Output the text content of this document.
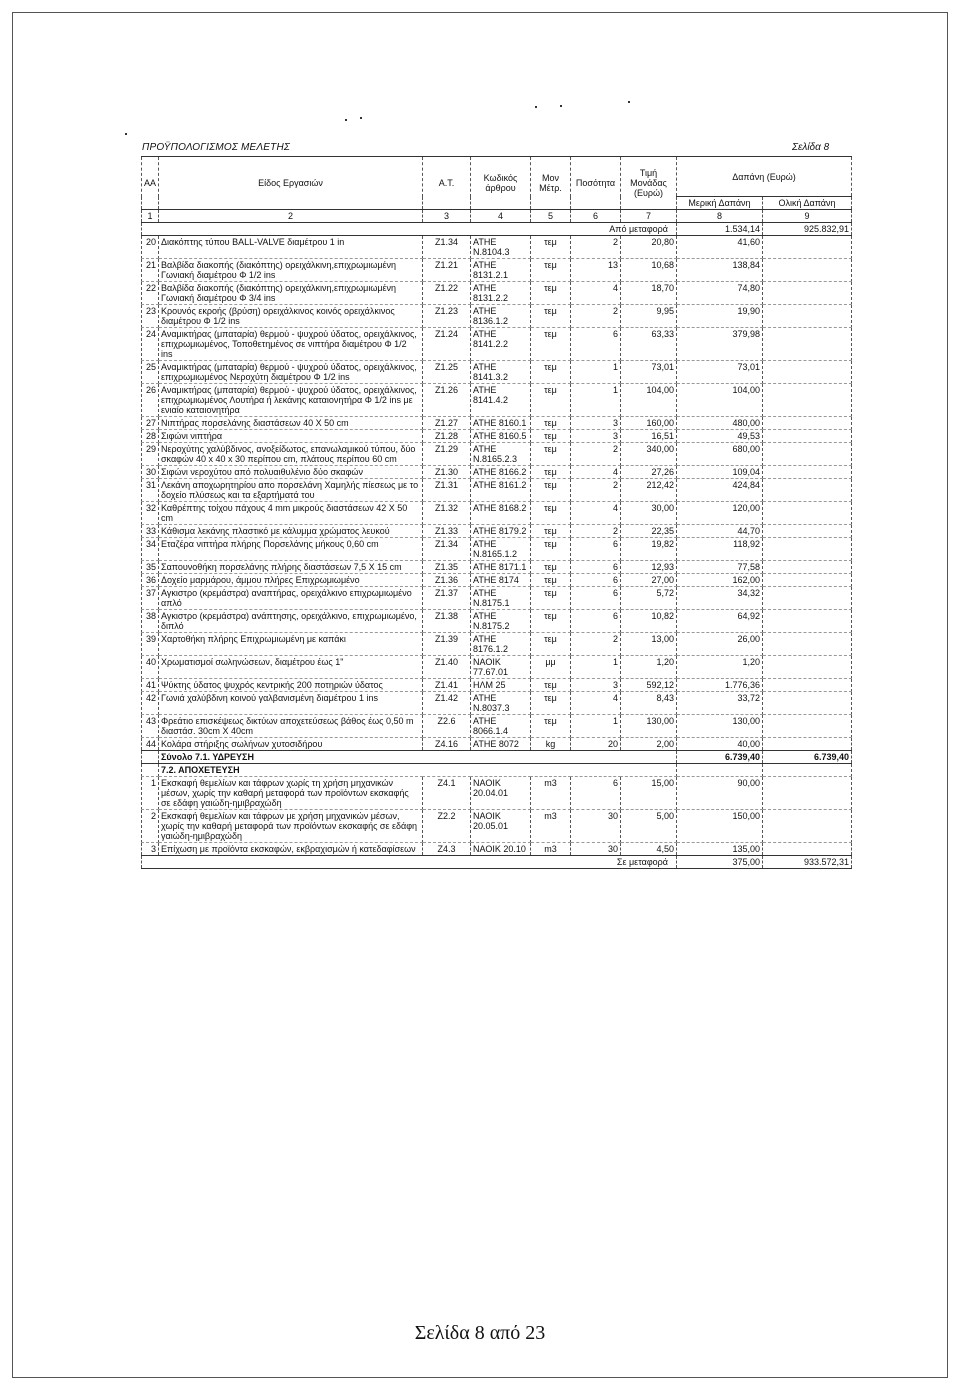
ΠΡΟΫΠΟΛΟΓΙΣΜΟΣ ΜΕΛΕΤΗΣ	Σελίδα 8
ΑΑ	Είδος Εργασιών	Α.Τ.	Κωδικός άρθρου	Μον Μέτρ.	Ποσότητα	Τιμή Μονάδας (Ευρώ)	Δαπάνη (Ευρώ)	
							Μερική Δαπάνη	Ολική Δαπάνη
1	2	3	4	5	6	7	8	9
Από μεταφορά							1.534,14	925.832,91
20	Διακόπτης τύπου BALL-VALVE διαμέτρου 1 in	Z1.34	ΑΤΗΕ Ν.8104.3	τεμ	2	20,80	41,60	
21	Βαλβίδα διακοπής (διακόπτης) ορειχάλκινη,επιχρωμιωμένη Γωνιακή διαμέτρου Φ 1/2 ins	Z1.21	ΑΤΗΕ 8131.2.1	τεμ	13	10,68	138,84	
22	Βαλβίδα διακοπής (διακόπτης) ορειχάλκινη,επιχρωμιωμένη Γωνιακή διαμέτρου Φ 3/4 ins	Z1.22	ΑΤΗΕ 8131.2.2	τεμ	4	18,70	74,80	
23	Κρουνός εκροής (βρύση) ορειχάλκινος κοινός ορειχάλκινος διαμέτρου Φ 1/2 ins	Z1.23	ΑΤΗΕ 8136.1.2	τεμ	2	9,95	19,90	
24	Αναμικτήρας (μπαταρία) θερμού - ψυχρού ύδατος, ορειχάλκινος, επιχρωμιωμένος, Τοποθετημένος σε νιπτήρα διαμέτρου Φ 1/2 ins	Z1.24	ΑΤΗΕ 8141.2.2	τεμ	6	63,33	379,98	
25	Αναμικτήρας (μπαταρία) θερμού - ψυχρού ύδατος, ορειχάλκινος, επιχρωμιωμένος Νεροχύτη διαμέτρου Φ 1/2 ins	Z1.25	ΑΤΗΕ 8141.3.2	τεμ	1	73,01	73,01	
26	Αναμικτήρας (μπαταρία) θερμού - ψυχρού ύδατος, ορειχάλκινος, επιχρωμιωμένος Λουτήρα ή λεκάνης καταιονητήρα Φ 1/2 ins με ενιαίο καταιονητήρα	Z1.26	ΑΤΗΕ 8141.4.2	τεμ	1	104,00	104,00	
27	Νιπτήρας πορσελάνης διαστάσεων 40 Χ 50 cm	Z1.27	ΑΤΗΕ 8160.1	τεμ	3	160,00	480,00	
28	Σιφώνι νιπτήρα	Z1.28	ΑΤΗΕ 8160.5	τεμ	3	16,51	49,53	
29	Νεροχύτης χαλύβδινος, ανοξείδωτος, επανωλαμικού τύπου, δύο σκαφών 40 x 40 x 30 περίπου cm, πλάτους περίπου 60 cm	Z1.29	ΑΤΗΕ Ν.8165.2.3	τεμ	2	340,00	680,00	
30	Σιφώνι νεροχύτου από πολυαιθυλένιο δύο σκαφών	Z1.30	ΑΤΗΕ 8166.2	τεμ	4	27,26	109,04	
31	Λεκάνη αποχωρητηρίου απο πορσελάνη Χαμηλής πίεσεως με το δοχείο πλύσεως και τα εξαρτήματά του	Z1.31	ΑΤΗΕ 8161.2	τεμ	2	212,42	424,84	
32	Καθρέπτης τοίχου πάχους 4 mm μικρούς διαστάσεων 42 Χ 50 cm	Z1.32	ΑΤΗΕ 8168.2	τεμ	4	30,00	120,00	
33	Κάθισμα λεκάνης πλαστικό με κάλυμμα χρώματος λευκού	Z1.33	ΑΤΗΕ 8179.2	τεμ	2	22,35	44,70	
34	Εταζέρα νιπτήρα πλήρης Πορσελάνης μήκους 0,60 cm	Z1.34	ΑΤΗΕ Ν.8165.1.2	τεμ	6	19,82	118,92	
35	Σαπουνοθήκη πορσελάνης πλήρης διαστάσεων 7,5 Χ 15 cm	Z1.35	ΑΤΗΕ 8171.1	τεμ	6	12,93	77,58	
36	Δοχείο μαρμάρου, άμμου πλήρες Επιχρωμιωμένο	Z1.36	ΑΤΗΕ 8174	τεμ	6	27,00	162,00	
37	Αγκιστρο (κρεμάστρα) αναπτήρας, ορειχάλκινο επιχρωμιωμένο απλό	Z1.37	ΑΤΗΕ Ν.8175.1	τεμ	6	5,72	34,32	
38	Αγκιστρο (κρεμάστρα) ανάπτησης, ορειχάλκινο, επιχρωμιωμένο, διπλό	Z1.38	ΑΤΗΕ Ν.8175.2	τεμ	6	10,82	64,92	
39	Χαρτοθήκη πλήρης Επιχρωμιωμένη με καπάκι	Z1.39	ΑΤΗΕ 8176.1.2	τεμ	2	13,00	26,00	
40	Χρωματισμοί σωληνώσεων, διαμέτρου έως 1"	Z1.40	ΝΑΟΙΚ 77.67.01	μμ	1	1,20	1,20	
41	Ψύκτης ύδατος ψυχρός κεντρικής 200 ποτηριών ύδατος	Z1.41	ΗΛΜ 25	τεμ	3	592,12	1.776,36	
42	Γωνιά χαλύβδινη κοινού γαλβανισμένη διαμέτρου 1 ins	Z1.42	ΑΤΗΕ Ν.8037.3	τεμ	4	8,43	33,72	
43	Φρεάτιο επισκέψεως δικτύων αποχετεύσεως βάθος έως 0,50 m διαστάσ. 30cm Χ 40cm	Z2.6	ΑΤΗΕ 8066.1.4	τεμ	1	130,00	130,00	
44	Κολάρα στήριξης σωλήνων χυτοσιδήρου	Z4.16	ΑΤΗΕ 8072	kg	20	2,00	40,00	
	Σύνολο 7.1. ΥΔΡΕΥΣΗ						6.739,40	6.739,40
	7.2. ΑΠΟΧΕΤΕΥΣΗ							
1	Εκσκαφή θεμελίων και τάφρων χωρίς τη χρήση μηχανικών μέσων, χωρίς την καθαρή μεταφορά των προϊόντων εκσκαφής σε εδάφη γαιώδη-ημιβραχώδη	Z4.1	ΝΑΟΙΚ 20.04.01	m3	6	15,00	90,00	
2	Εκσκαφή θεμελίων και τάφρων με χρήση μηχανικών μέσων, χωρίς την καθαρή μεταφορά των προϊόντων εκσκαφής σε εδάφη γαιώδη-ημιβραχώδη	Z2.2	ΝΑΟΙΚ 20.05.01	m3	30	5,00	150,00	
3	Επίχωση με προϊόντα εκσκαφών, εκβραχισμών ή κατεδαφίσεων	Z4.3	ΝΑΟΙΚ 20.10	m3	30	4,50	135,00	
Σε μεταφορά							375,00	933.572,31
Σελίδα 8 από 23
